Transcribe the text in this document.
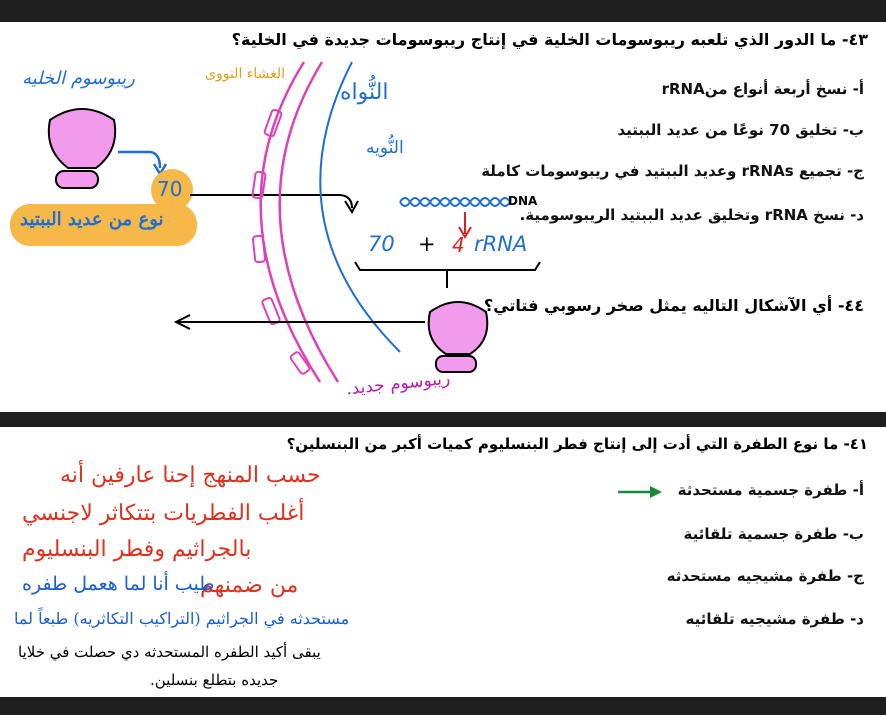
ريبوسوم الخليه	الغشاء النووى
النُّواه
النُّويه
DNA
70
نوع من عديد الببتيد
70 + 4 rRNA
ريبوسوم جديد.
٤٣- ما الدور الذي تلعبه ريبوسومات الخلية في إنتاج ريبوسومات جديدة في الخلية؟
أ- نسخ أربعة أنواع منrRNA
ب- تخليق 70 نوعًا من عديد الببتيد
ج- تجميع rRNAs وعديد الببتيد في ريبوسومات كاملة
د- نسخ rRNA وتخليق عديد الببتيد الريبوسومية.
٤٤- أي الآشكال التاليه يمثل صخر رسوبي فتاتي؟
٤١- ما نوع الطفرة التي أدت إلى إنتاج فطر البنسليوم كميات أكبر من البنسلين؟
أ- طفرة جسمية مستحدثة
ب- طفرة جسمية تلقائية
ج- طفرة مشيجيه مستحدثه
د- طفرة مشيجيه تلقائيه
حسب المنهج إحنا عارفين أنه
أغلب الفطريات بتتكاثر لاجنسي
بالجراثيم وفطر البنسليوم
من ضمنهم
طيب أنا لما هعمل طفره
مستحدثه في الجراثيم (التراكيب التكاثريه) طبعاً لما
يبقى أكيد الطفره المستحدثه دي حصلت في خلايا
جديده بتطلع بنسلين.
